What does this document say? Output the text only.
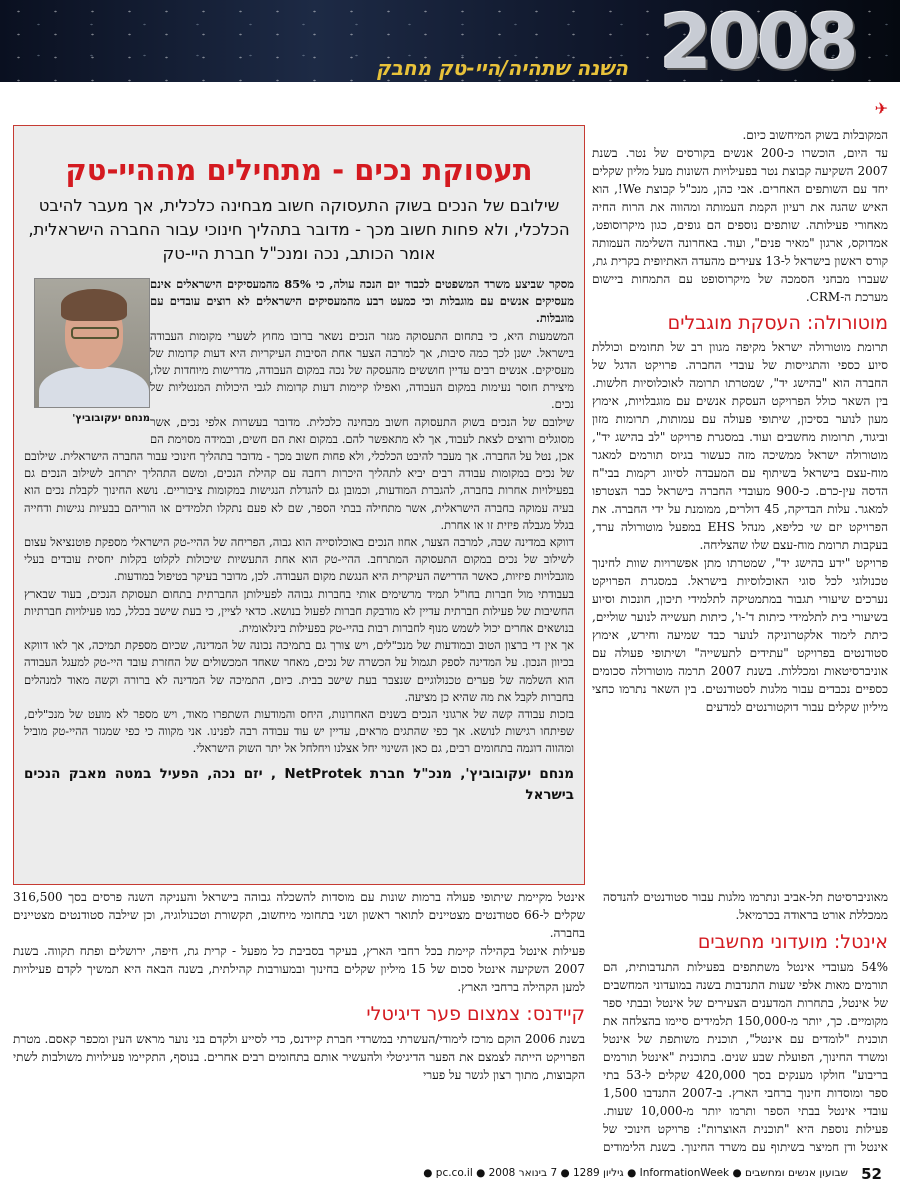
2008
השנה שתהיה/היי-טק מחבק
✈

המקובלות בשוק המיחשוב כיום.

עד היום, הוכשרו כ-200 אנשים בקורסים של נטר. בשנת 2007 השקיעה קבוצת נטר בפעילויות השונות מעל מליון שקלים יחד עם השותפים האחרים. אבי כהן, מנכ"ל קבוצת We!, הוא האיש שהגה את רעיון הקמת העמותה ומהווה את הרוח החיה מאחורי פעילותה. שותפים נוספים הם גופים, כגון מיקרוסופט, אמדוקס, ארגון "מאיר פנים", ועוד. באחרונה השלימה העמותה קורס ראשון בישראל ל-13 צעירים מהעדה האתיופית בקרית גת, שעברו מבחני הסמכה של מיקרוסופט עם התמחות ביישום מערכת ה-CRM.

מוטורולה: העסקת מוגבלים

תרומת מוטורולה ישראל מקיפה מגוון רב של תחומים וכוללת סיוע כספי והתגייסות של עובדי החברה. פרויקט הדגל של החברה הוא "בהישג יד", שמטרתו תרומה לאוכלוסיות חלשות. בין השאר כולל הפרויקט העסקת אנשים עם מוגבלויות, אימוץ מעון לנוער בסיכון, שיתופי פעולה עם עמותות, תרומות מזון וביגוד, תרומות מחשבים ועוד. במסגרת פרויקט "לב בהישג יד", מוטורולה ישראל ממשיכה מזה כעשור בגיוס תורמים למאגר מוח-עצם בישראל בשיתוף עם המעבדה לסיווג רקמות בבי"ח הדסה עין-כרם. כ-900 מעובדי החברה בישראל כבר הצטרפו למאגר. עלות הבדיקה, 45 דולרים, ממומנת על ידי החברה. את הפרויקט יזם שי כליפא, מנהל EHS במפעל מוטורולה ערד, בעקבות תרומת מוח-עצם שלו שהצליחה.

פרויקט "ידע בהישג יד", שמטרתו מתן אפשרויות שוות לחינוך טכנולוגי לכל סוגי האוכלוסיות בישראל. במסגרת הפרויקט נערכים שיעורי תגבור במתמטיקה לתלמידי תיכון, חונכות וסיוע בשיעורי בית לתלמידי כיתות ד'-ו', כיתות תעשייה לנוער שוליים, כיתת לימוד אלקטרוניקה לנוער כבד שמיעה וחירש, אימוץ סטודנטים בפרויקט "עתידים לתעשייה" ושיתופי פעולה עם אוניברסיטאות ומכללות. בשנת 2007 תרמה מוטורולה סכומים כספיים נכבדים עבור מלגות לסטודנטים. בין השאר נתרמו כחצי מיליון שקלים עבור דוקטורנטים למדעים

תעסוקת נכים - מתחילים מההיי-טק
שילובם של הנכים בשוק התעסוקה חשוב מבחינה כלכלית, אך מעבר להיבט הכלכלי, ולא פחות חשוב מכך - מדובר בתהליך חינוכי עבור החברה הישראלית, אומר הכותב, נכה ומנכ"ל חברת היי-טק
מנחם יעקובוביץ'

מסקר שביצע משרד המשפטים לכבוד יום הנכה עולה, כי 85% מהמעסיקים הישראלים אינם מעסיקים אנשים עם מוגבלות וכי כמעט רבע מהמעסיקים הישראלים לא רוצים עובדים עם מוגבלות.

המשמעות היא, כי בתחום התעסוקה מגזר הנכים נשאר ברובו מחוץ לשערי מקומות העבודה בישראל. ישנן לכך כמה סיבות, אך למרבה הצער אחת הסיבות העיקריות היא דעות קדומות של מעסיקים. אנשים רבים עדיין חוששים מהעסקה של נכה במקום העבודה, מדרישות מיוחדות שלו, מיצירת חוסר נעימות במקום העבודה, ואפילו קיימות דעות קדומות לגבי היכולות המנטליות של נכים.

שילובם של הנכים בשוק התעסוקה חשוב מבחינה כלכלית. מדובר בעשרות אלפי נכים, אשר מסוגלים ורוצים לצאת לעבוד, אך לא מתאפשר להם. במקום זאת הם חשים, ובמידה מסוימת הם אכן, נטל על החברה. אך מעבר להיבט הכלכלי, ולא פחות חשוב מכך - מדובר בתהליך חינוכי עבור החברה הישראלית. שילובם של נכים במקומות עבודה רבים יביא לתהליך היכרות רחבה עם קהילת הנכים, ומשם התהליך יתרחב לשילוב הנכים גם בפעילויות אחרות בחברה, להגברת המודעות, וכמובן גם להגדלת הנגישות במקומות ציבוריים. נושא החינוך לקבלת נכים הוא בעיה עמוקה בחברה הישראלית, אשר מתחילה בבתי הספר, שם לא פעם נתקלו תלמידים או הוריהם בבעיות נגישות ודחייה בגלל מגבלה פיזית זו או אחרת.

דווקא במדינה שבה, למרבה הצער, אחוז הנכים באוכלוסייה הוא גבוה, הפריחה של ההיי-טק הישראלי מספקת פוטנציאל עצום לשילוב של נכים במקום התעסוקה המתרחב. ההיי-טק הוא אחת התעשיות שיכולות לקלוט בקלות יחסית עובדים בעלי מוגבלויות פיזיות, כאשר הדרישה העיקרית היא הנגשת מקום העבודה. לכן, מדובר בעיקר בטיפול במודעות.

בעבודתי מול חברות בחו"ל תמיד מרשימים אותי בחברות גבוהה לפעילותן החברתית בתחום תעסוקת הנכים, בעוד שבארץ החשיבות של פעילות חברתית עדיין לא מודבקת חברות לפעול בנושא. כדאי לציין, כי בעת שישב בכלל, כמו פעילויות חברתיות בנושאים אחרים יכול לשמש מנוף לחברות רבות בהיי-טק בפעילות בינלאומית.

אך אין די ברצון הטוב ובמודעות של מנכ"לים, ויש צורך גם בתמיכה נכונה של המדינה, שכיום מספקת תמיכה, אך לאו דווקא בכיוון הנכון. על המדינה לספק תגמול על הכשרה של נכים, מאחר שאחד המכשולים של החזרת עובד היי-טק למעגל העבודה הוא השלמה של פערים טכנולוגיים שנצבר בעת שישב בבית. כיום, התמיכה של המדינה לא ברורה וקשה מאוד למנהלים בחברות לקבל את מה שהיא כן מציעה.

בזכות עבודה קשה של ארגוני הנכים בשנים האחרונות, היחס והמודעות השתפרו מאוד, ויש מספר לא מועט של מנכ"לים, שפיתחו רגישות לנושא. אך כפי שהתגים מראים, עדיין יש עוד עבודה רבה לפנינו. אני מקווה כי כפי שמגזר ההיי-טק מוביל ומהווה דוגמה בתחומים רבים, גם כאן השינוי יחל אצלנו ויחלחל אל יתר השוק הישראלי.

מנחם יעקובוביץ', מנכ"ל חברת NetProtek , יזם נכה, הפעיל במטה מאבק הנכים בישראל

מאוניברסיטת תל-אביב ונתרמו מלגות עבור סטודנטים להנדסה ממכללת אורט בראודה בכרמיאל.

אינטל: מועדוני מחשבים

54% מעובדי אינטל משתתפים בפעילות התנדבותית, הם תורמים מאות אלפי שעות התנדבות בשנה במועדוני המחשבים של אינטל, בתחרות המדענים הצעירים של אינטל ובבתי ספר מקומיים. כך, יותר מ-150,000 תלמידים סיימו בהצלחה את תוכנית "לומדים עם אינטל", תוכנית משותפת של אינטל ומשרד החינוך, הפועלת שבע שנים. בתוכנית "אינטל תורמים בריבוע" חולקו מענקים בסך 420,000 שקלים ל-53 בתי ספר ומוסדות חינוך ברחבי הארץ. ב-2007 התנדבו 1,500 עובדי אינטל בבתי הספר ותרמו יותר מ-10,000 שעות. פעילות נוספת היא "תוכנית האוצרות": פרויקט חינוכי של אינטל ודן חמיצר בשיתוף עם משרד החינוך. בשנת הלימודים

אינטל מקיימת שיתופי פעולה ברמות שונות עם מוסדות להשכלה גבוהה בישראל והעניקה השנה פרסים בסך 316,500 שקלים ל-66 סטודנטים מצטיינים לתואר ראשון ושני בתחומי מיחשוב, תקשורת וטכנולוגיה, וכן שילבה סטודנטים מצטיינים בחברה.

פעילות אינטל בקהילה קיימת בכל רחבי הארץ, בעיקר בסביבת כל מפעל - קרית גת, חיפה, ירושלים ופתח תקווה. בשנת 2007 השקיעה אינטל סכום של 15 מיליון שקלים בחינוך ובמעורבות קהילתית, בשנה הבאה היא תמשיך לקדם פעילויות למען הקהילה ברחבי הארץ.

קיידנס: צמצום פער דיגיטלי

בשנת 2006 הוקם מרכז לימודי/העשרתי במשרדי חברת קיידנס, כדי לסייע ולקדם בני נוער מראש העין ומכפר קאסם. מטרת הפרויקט הייתה לצמצם את הפער הדיגיטלי ולהעשיר אותם בתחומים רבים אחרים. בנוסף, התקיימו פעילויות משולבות לשתי הקבוצות, מתוך רצון לגשר על פערי

52
שבועון אנשים ומחשבים ● InformationWeek ● גיליון 1289 ● 7 בינואר 2008 ● pc.co.il ●
